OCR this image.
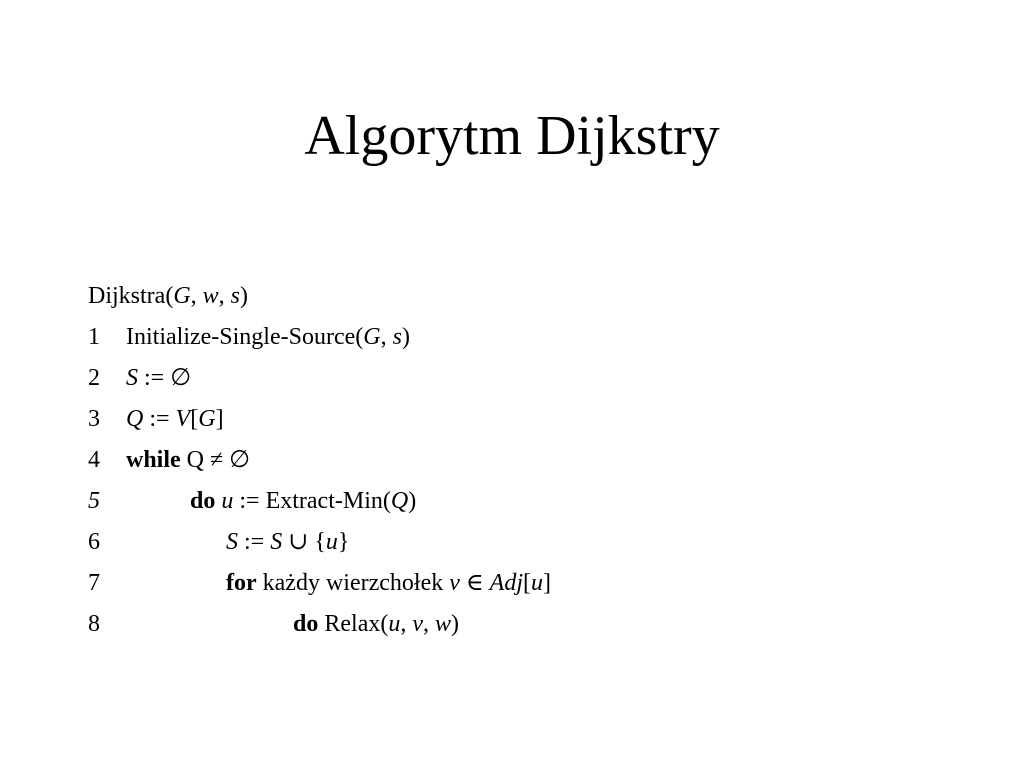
Algorytm Dijkstry
Dijkstra(G, w, s)
1 Initialize-Single-Source(G, s)
2 S := ∅
3 Q := V[G]
4 while Q ≠ ∅
5	do u := Extract-Min(Q)
6	S := S ∪ {u}
7	for każdy wierzchołek v ∈ Adj[u]
8	do Relax(u, v, w)
